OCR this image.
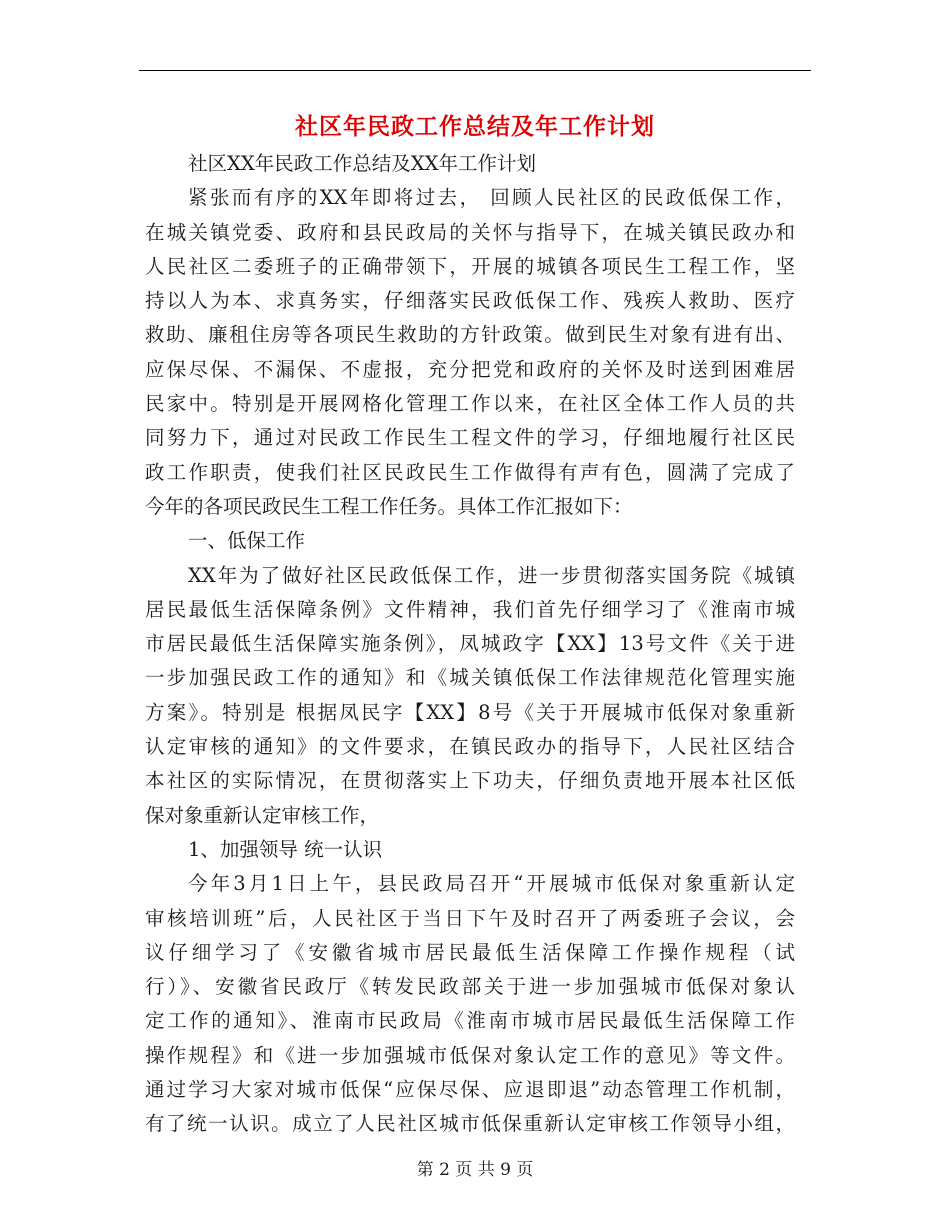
社区年民政工作总结及年工作计划
社区XX年民政工作总结及XX年工作计划
紧张而有序的XX年即将过去， 回顾人民社区的民政低保工作，
在城关镇党委、政府和县民政局的关怀与指导下，在城关镇民政办和
人民社区二委班子的正确带领下，开展的城镇各项民生工程工作，坚
持以人为本、求真务实，仔细落实民政低保工作、残疾人救助、医疗
救助、廉租住房等各项民生救助的方针政策。做到民生对象有进有出、
应保尽保、不漏保、不虚报，充分把党和政府的关怀及时送到困难居
民家中。特别是开展网格化管理工作以来，在社区全体工作人员的共
同努力下，通过对民政工作民生工程文件的学习，仔细地履行社区民
政工作职责，使我们社区民政民生工作做得有声有色，圆满了完成了
今年的各项民政民生工程工作任务。具体工作汇报如下：
一、低保工作
XX年为了做好社区民政低保工作，进一步贯彻落实国务院《城镇
居民最低生活保障条例》文件精神，我们首先仔细学习了《淮南市城
市居民最低生活保障实施条例》，凤城政字【XX】13号文件《关于进
一步加强民政工作的通知》和《城关镇低保工作法律规范化管理实施
方案》。特别是 根据凤民字【XX】8号《关于开展城市低保对象重新
认定审核的通知》的文件要求，在镇民政办的指导下，人民社区结合
本社区的实际情况，在贯彻落实上下功夫，仔细负责地开展本社区低
保对象重新认定审核工作，
1、加强领导 统一认识
今年3月1日上午，县民政局召开“开展城市低保对象重新认定
审核培训班”后，人民社区于当日下午及时召开了两委班子会议，会
议仔细学习了《安徽省城市居民最低生活保障工作操作规程（试
行）》、安徽省民政厅《转发民政部关于进一步加强城市低保对象认
定工作的通知》、淮南市民政局《淮南市城市居民最低生活保障工作
操作规程》和《进一步加强城市低保对象认定工作的意见》等文件。
通过学习大家对城市低保“应保尽保、应退即退”动态管理工作机制，
有了统一认识。成立了人民社区城市低保重新认定审核工作领导小组，
第 2 页 共 9 页
